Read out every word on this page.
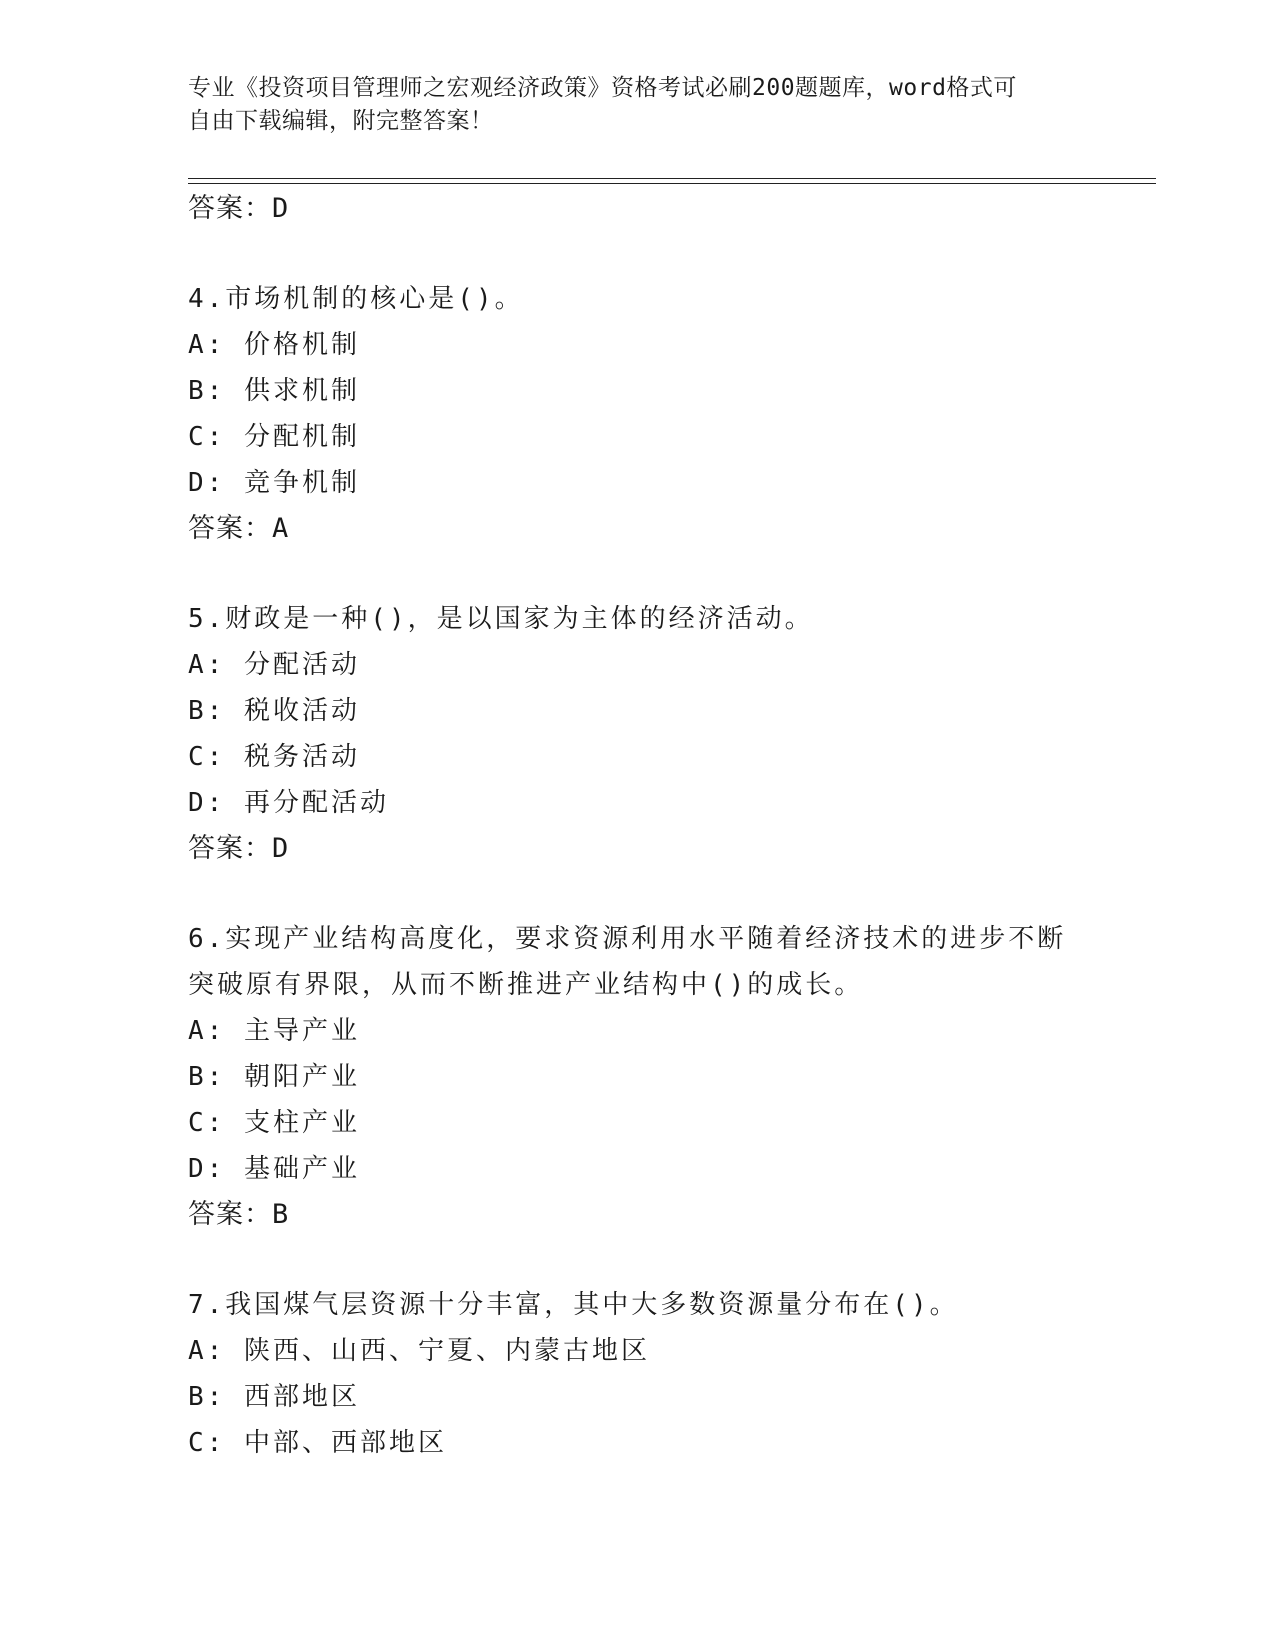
专业《投资项目管理师之宏观经济政策》资格考试必刷200题题库，word格式可
自由下载编辑，附完整答案！
答案：D
4.市场机制的核心是()。
A: 价格机制
B: 供求机制
C: 分配机制
D: 竞争机制
答案：A
5.财政是一种()，是以国家为主体的经济活动。
A: 分配活动
B: 税收活动
C: 税务活动
D: 再分配活动
答案：D
6.实现产业结构高度化，要求资源利用水平随着经济技术的进步不断
突破原有界限，从而不断推进产业结构中()的成长。
A: 主导产业
B: 朝阳产业
C: 支柱产业
D: 基础产业
答案：B
7.我国煤气层资源十分丰富，其中大多数资源量分布在()。
A: 陕西、山西、宁夏、内蒙古地区
B: 西部地区
C: 中部、西部地区
